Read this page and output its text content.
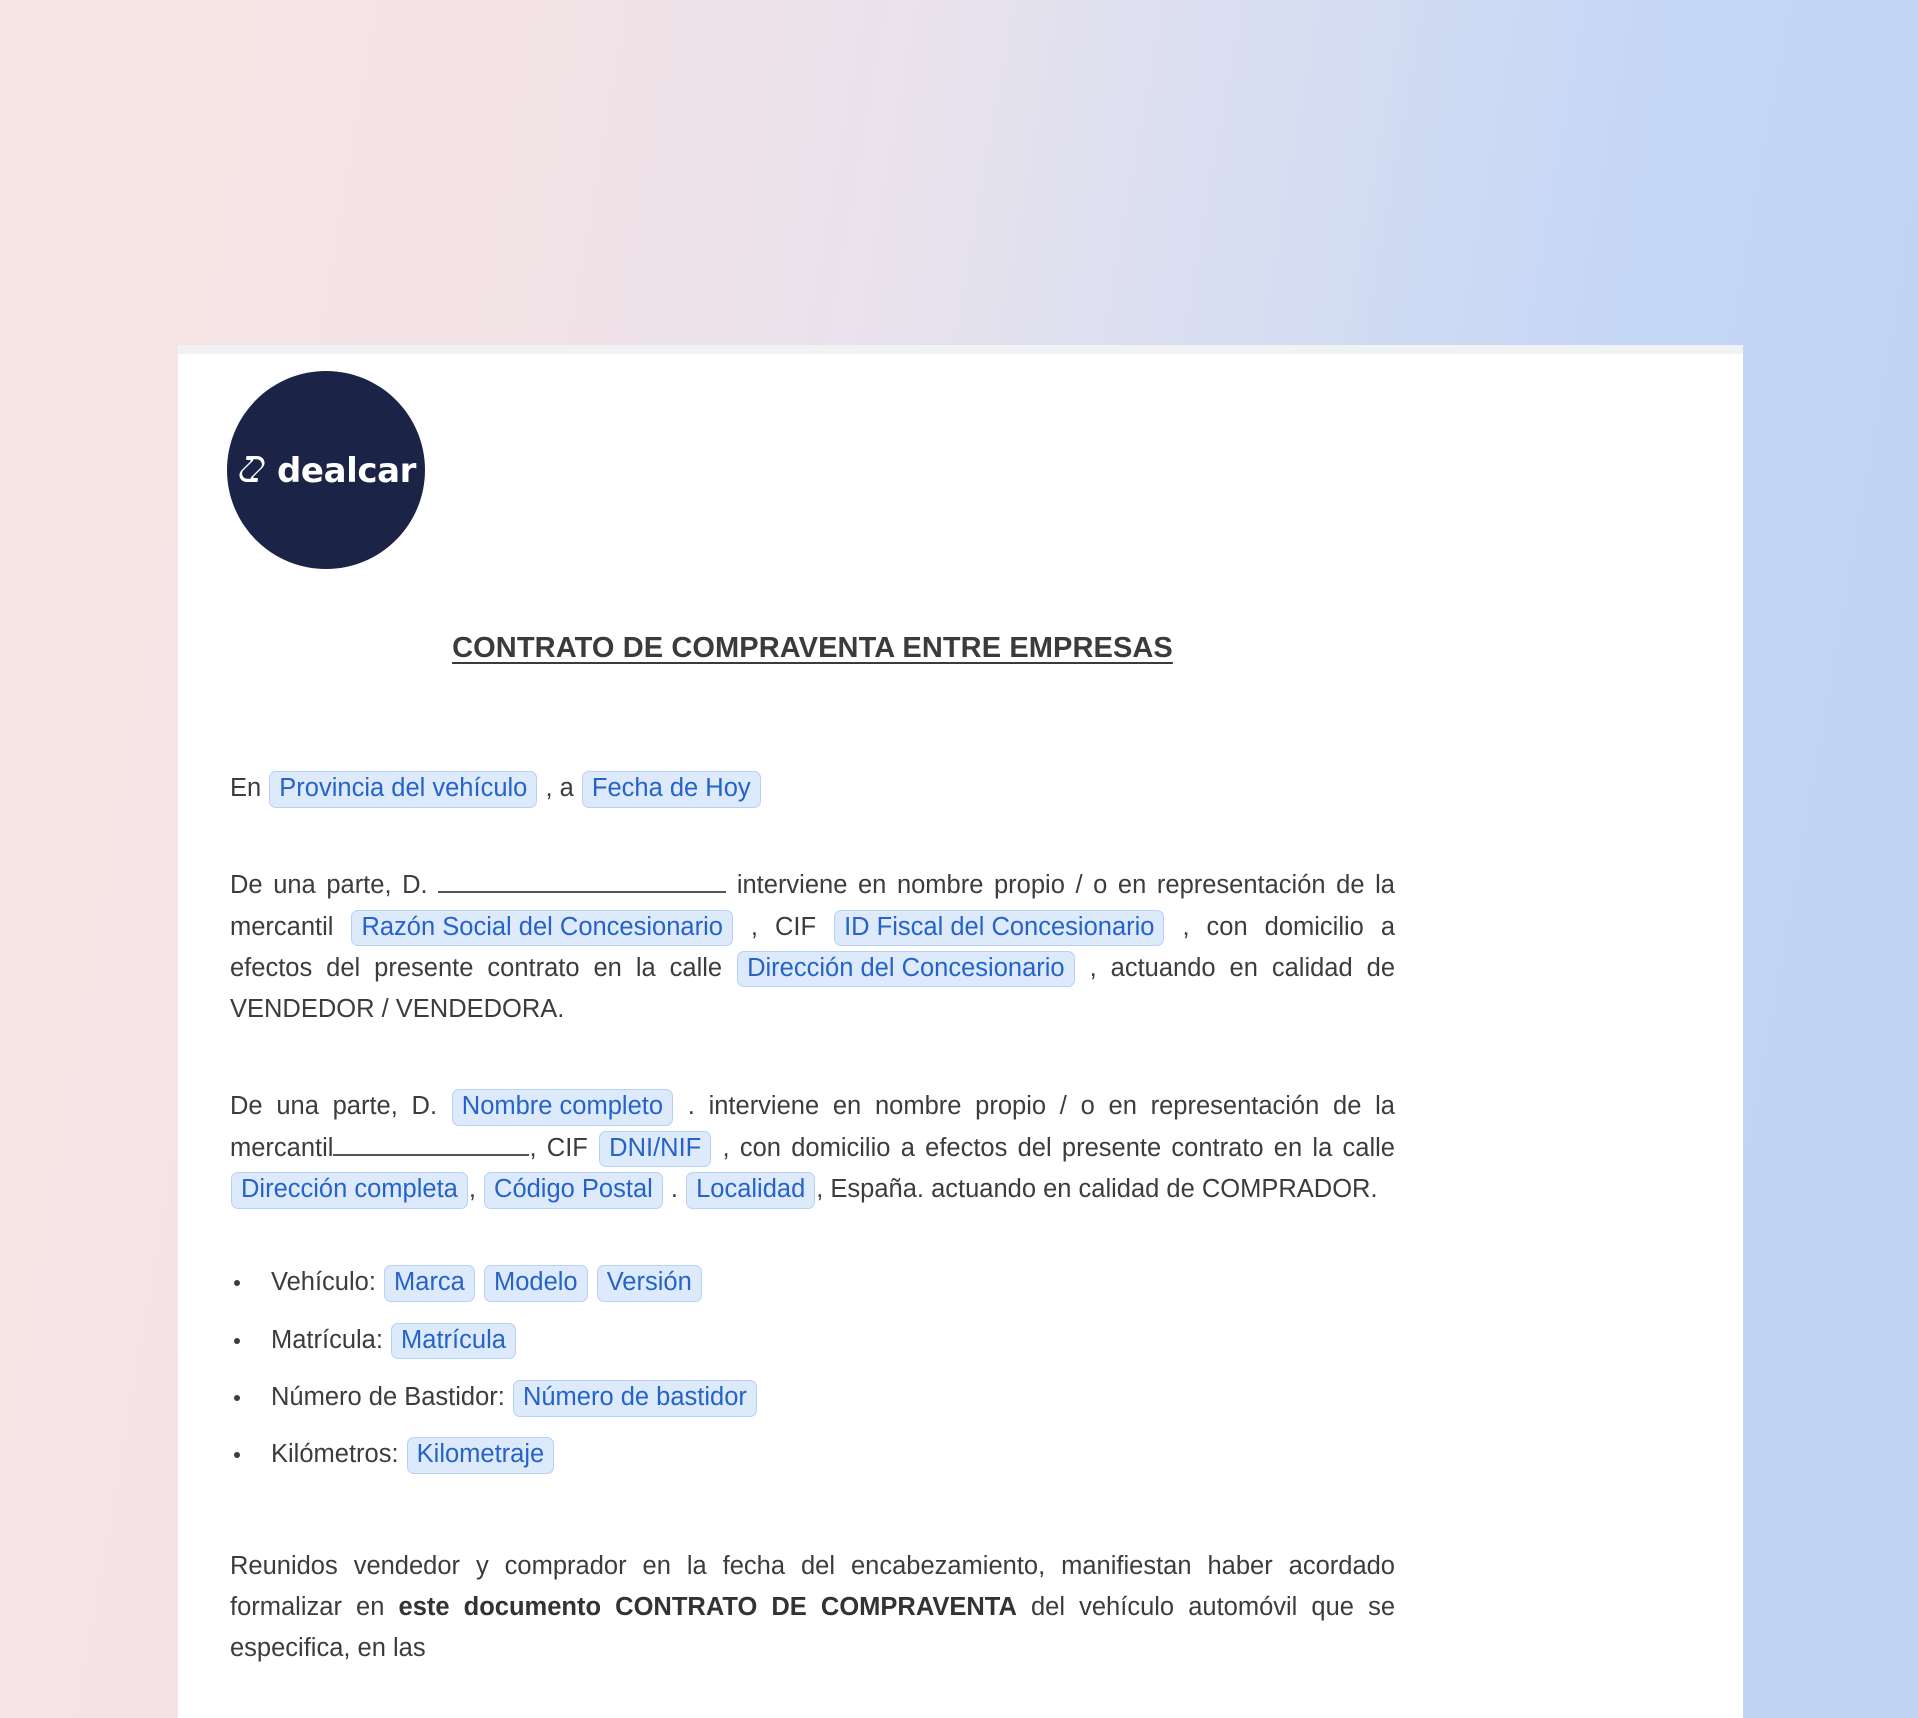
dealcar
CONTRATO DE COMPRAVENTA ENTRE EMPRESAS

En Provincia del vehículo , a Fecha de Hoy

De una parte, D.	interviene en nombre propio / o en representación de la mercantil Razón Social del Concesionario , CIF ID Fiscal del Concesionario , con domicilio a efectos del presente contrato en la calle Dirección del Concesionario , actuando en calidad de VENDEDOR / VENDEDORA.

De una parte, D. Nombre completo . interviene en nombre propio / o en representación de la mercantil	, CIF DNI/NIF , con domicilio a efectos del presente contrato en la calle Dirección completa , Código Postal . Localidad , España. actuando en calidad de COMPRADOR.

Vehículo: Marca Modelo Versión
Matrícula: Matrícula
Número de Bastidor: Número de bastidor
Kilómetros: Kilometraje

Reunidos vendedor y comprador en la fecha del encabezamiento, manifiestan haber acordado formalizar en este documento CONTRATO DE COMPRAVENTA del vehículo automóvil que se especifica, en las
